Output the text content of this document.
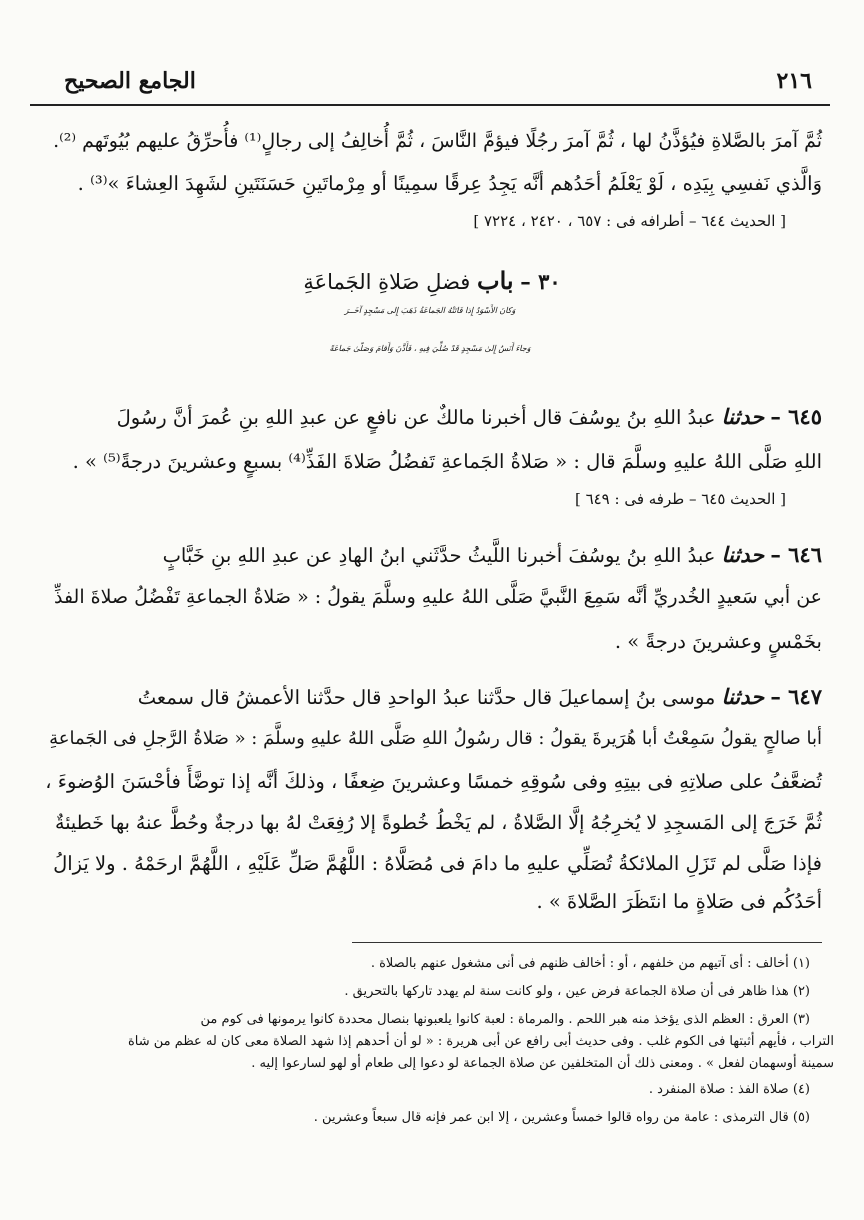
الجامع الصحيح	٢١٦
ثُمَّ آمرَ بالصَّلاةِ فيُؤذَّنُ لها ، ثُمَّ آمرَ رجُلًا فيؤمَّ النَّاسَ ، ثُمَّ أُخالِفُ إلى رجالٍ⁽¹⁾ فأُحرِّقُ عليهم بُيُوتَهم ⁽²⁾.
وَالَّذي نَفسِي بِيَدِه ، لَوْ يَعْلَمُ أحَدُهم أنَّه يَجِدُ عِرقًا سمِينًا أو مِرْماتَينِ حَسَنَتَينِ لشَهِدَ العِشاءَ »⁽³⁾ .
[ الحديث ٦٤٤ – أطرافه فى : ٦٥٧ ، ٢٤٢٠ ، ٧٢٢٤ ]
٣٠ – باب فضلِ صَلاةِ الجَماعَةِ
وَكانَ الأَسْوَدُ إِذا فَاتَتْهُ الجَماعَةُ ذَهَبَ إِلى مَسْجِدٍ آخَــرَ
وَجاءَ أَنَسٌ إِلىٰ مَسْجِدٍ قَدْ صُلِّيَ فِيهِ ، فَأَذَّنَ وَأَقامَ وَصَلّىٰ جَماعَةً
٦٤٥ – حدثنا عبدُ اللهِ بنُ يوسُفَ قال أخبرنا مالكٌ عن نافعٍ عن عبدِ اللهِ بنِ عُمرَ أنَّ رسُولَ
اللهِ صَلَّى اللهُ عليهِ وسلَّمَ قال : « صَلاةُ الجَماعةِ تَفضُلُ صَلاةَ الفَذِّ⁽⁴⁾ بسبعٍ وعشرينَ درجةً⁽⁵⁾ » .
[ الحديث ٦٤٥ – طرفه فى : ٦٤٩ ]
٦٤٦ – حدثنا عبدُ اللهِ بنُ يوسُفَ أخبرنا اللَّيثُ حدَّثَني ابنُ الهادِ عن عبدِ اللهِ بنِ خَبَّابٍ
عن أبي سَعيدٍ الخُدريِّ أنَّه سَمِعَ النَّبيَّ صَلَّى اللهُ عليهِ وسلَّمَ يقولُ : « صَلاةُ الجماعةِ تَفْضُلُ صلاةَ الفذِّ
بخَمْسٍ وعشرينَ درجةً » .
٦٤٧ – حدثنا موسى بنُ إسماعيلَ قال حدَّثنا عبدُ الواحدِ قال حدَّثنا الأعمشُ قال سمعتُ
أبا صالحٍ يقولُ سَمِعْتُ أبا هُرَيرةَ يقولُ : قال رسُولُ اللهِ صَلَّى اللهُ عليهِ وسلَّمَ : « صَلاةُ الرَّجلِ فى الجَماعةِ
تُضعَّفُ على صلاتِهِ فى بيتِهِ وفى سُوقِهِ خمسًا وعشرينَ ضِعفًا ، وذلكَ أنَّه إذا توضَّأَ فأحْسَنَ الوُضوءَ ،
ثُمَّ خَرَجَ إلى المَسجِدِ لا يُخرِجُهُ إلَّا الصَّلاةُ ، لم يَخْطُ خُطوةً إلا رُفِعَتْ لهُ بها درجةٌ وحُطَّ عنهُ بها خَطيئةٌ
فإذا صَلَّى لم تَزَلِ الملائكةُ تُصَلِّي عليهِ ما دامَ فى مُصَلَّاهُ : اللَّهُمَّ صَلِّ عَلَيْهِ ، اللَّهُمَّ ارحَمْهُ . ولا يَزالُ
أحَدُكُم فى صَلاةٍ ما انتَظَرَ الصَّلاةَ » .
(١) أخالف : أى آتيهم من خلفهم ، أو : أخالف ظنهم فى أنى مشغول عنهم بالصلاة .
(٢) هذا ظاهر فى أن صلاة الجماعة فرض عين ، ولو كانت سنة لم يهدد تاركها بالتحريق .
(٣) العرق : العظم الذى يؤخذ منه هبر اللحم . والمرماة : لعبة كانوا يلعبونها بنصال محددة كانوا يرمونها فى كوم من
التراب ، فأيهم أثبتها فى الكوم غلب . وفى حديث أبى رافع عن أبى هريرة : « لو أن أحدهم إذا شهد الصلاة معى كان له عظم من شاة
سمينة أوسهمان لفعل » . ومعنى ذلك أن المتخلفين عن صلاة الجماعة لو دعوا إلى طعام أو لهو لسارعوا إليه .
(٤) صلاة الفذ : صلاة المنفرد .
(٥) قال الترمذى : عامة من رواه قالوا خمساً وعشرين ، إلا ابن عمر فإنه قال سبعاً وعشرين .
